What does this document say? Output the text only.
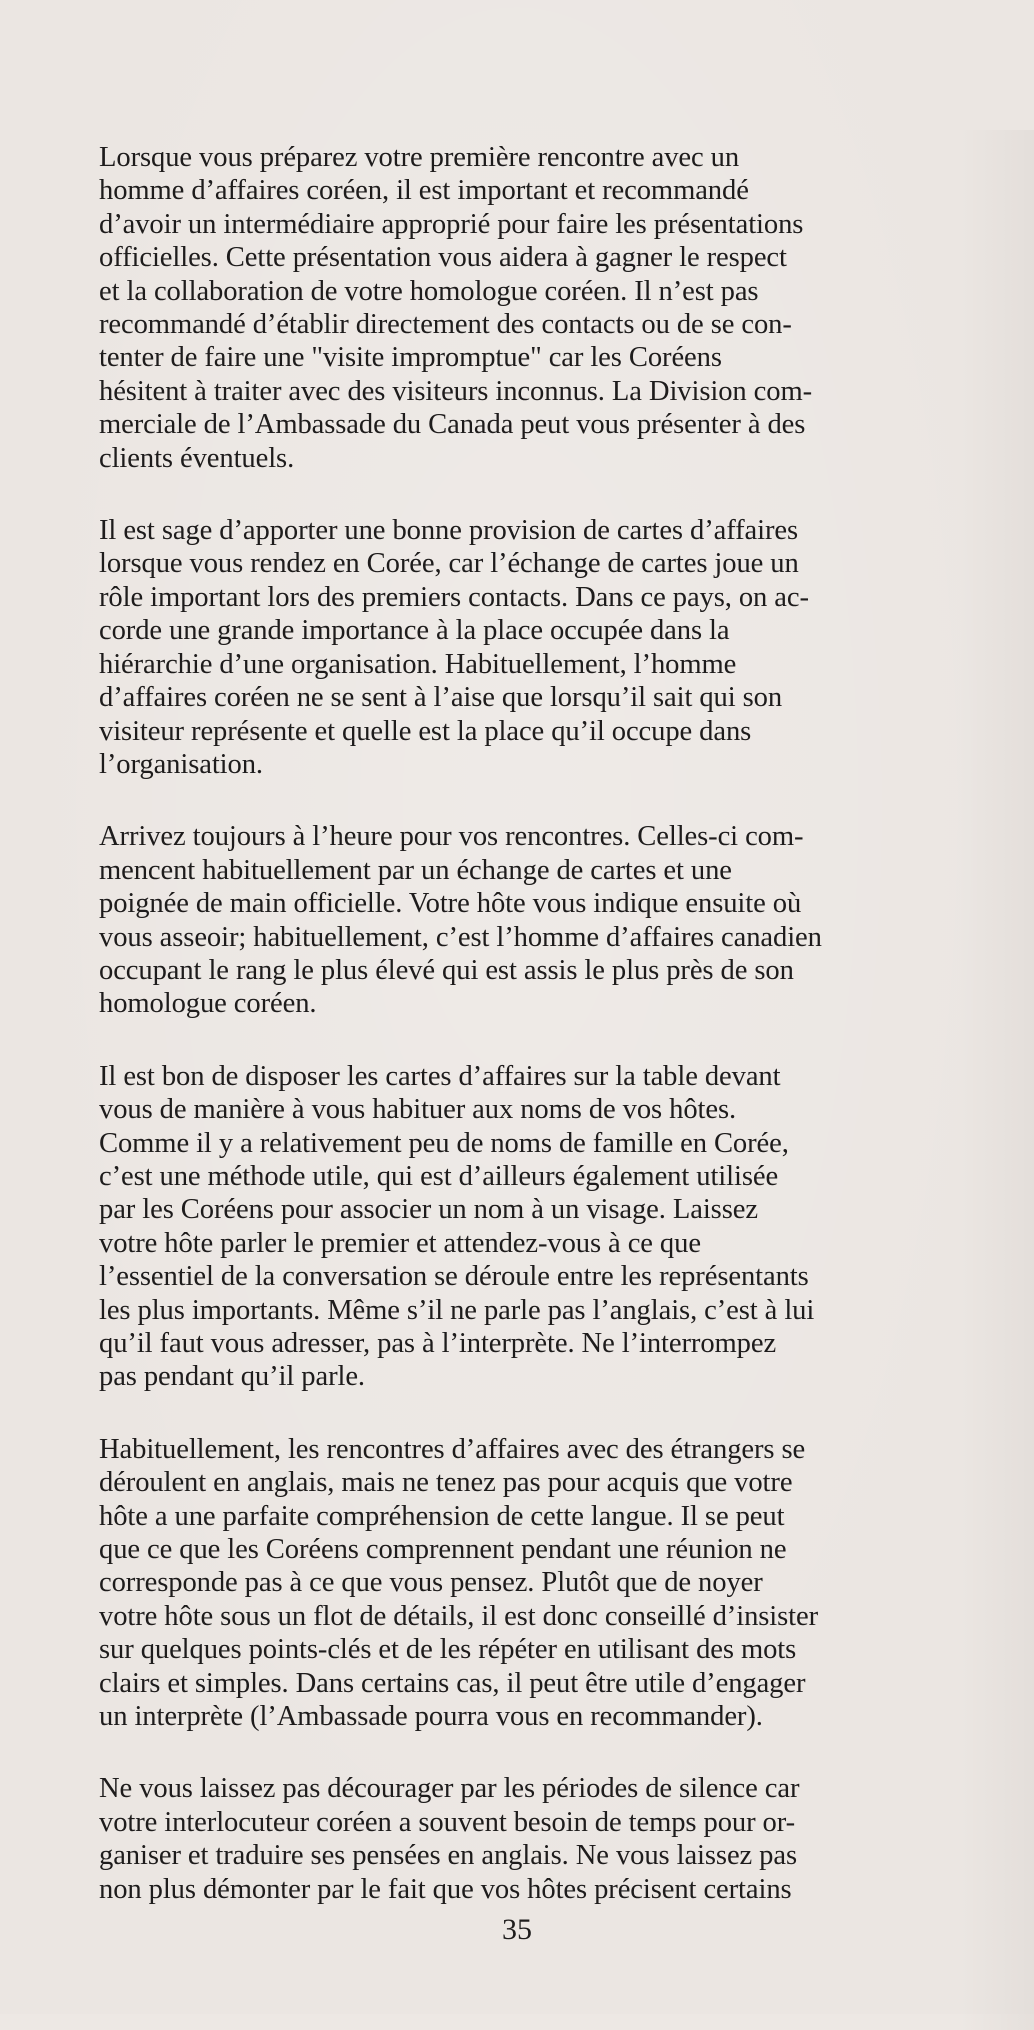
Lorsque vous préparez votre première rencontre avec un
homme d’affaires coréen, il est important et recommandé
d’avoir un intermédiaire approprié pour faire les présentations
officielles. Cette présentation vous aidera à gagner le respect
et la collaboration de votre homologue coréen. Il n’est pas
recommandé d’établir directement des contacts ou de se con-
tenter de faire une "visite impromptue" car les Coréens
hésitent à traiter avec des visiteurs inconnus. La Division com-
merciale de l’Ambassade du Canada peut vous présenter à des
clients éventuels.

Il est sage d’apporter une bonne provision de cartes d’affaires
lorsque vous rendez en Corée, car l’échange de cartes joue un
rôle important lors des premiers contacts. Dans ce pays, on ac-
corde une grande importance à la place occupée dans la
hiérarchie d’une organisation. Habituellement, l’homme
d’affaires coréen ne se sent à l’aise que lorsqu’il sait qui son
visiteur représente et quelle est la place qu’il occupe dans
l’organisation.

Arrivez toujours à l’heure pour vos rencontres. Celles-ci com-
mencent habituellement par un échange de cartes et une
poignée de main officielle. Votre hôte vous indique ensuite où
vous asseoir; habituellement, c’est l’homme d’affaires canadien
occupant le rang le plus élevé qui est assis le plus près de son
homologue coréen.

Il est bon de disposer les cartes d’affaires sur la table devant
vous de manière à vous habituer aux noms de vos hôtes.
Comme il y a relativement peu de noms de famille en Corée,
c’est une méthode utile, qui est d’ailleurs également utilisée
par les Coréens pour associer un nom à un visage. Laissez
votre hôte parler le premier et attendez-vous à ce que
l’essentiel de la conversation se déroule entre les représentants
les plus importants. Même s’il ne parle pas l’anglais, c’est à lui
qu’il faut vous adresser, pas à l’interprète. Ne l’interrompez
pas pendant qu’il parle.

Habituellement, les rencontres d’affaires avec des étrangers se
déroulent en anglais, mais ne tenez pas pour acquis que votre
hôte a une parfaite compréhension de cette langue. Il se peut
que ce que les Coréens comprennent pendant une réunion ne
corresponde pas à ce que vous pensez. Plutôt que de noyer
votre hôte sous un flot de détails, il est donc conseillé d’insister
sur quelques points-clés et de les répéter en utilisant des mots
clairs et simples. Dans certains cas, il peut être utile d’engager
un interprète (l’Ambassade pourra vous en recommander).

Ne vous laissez pas décourager par les périodes de silence car
votre interlocuteur coréen a souvent besoin de temps pour or-
ganiser et traduire ses pensées en anglais. Ne vous laissez pas
non plus démonter par le fait que vos hôtes précisent certains

35
